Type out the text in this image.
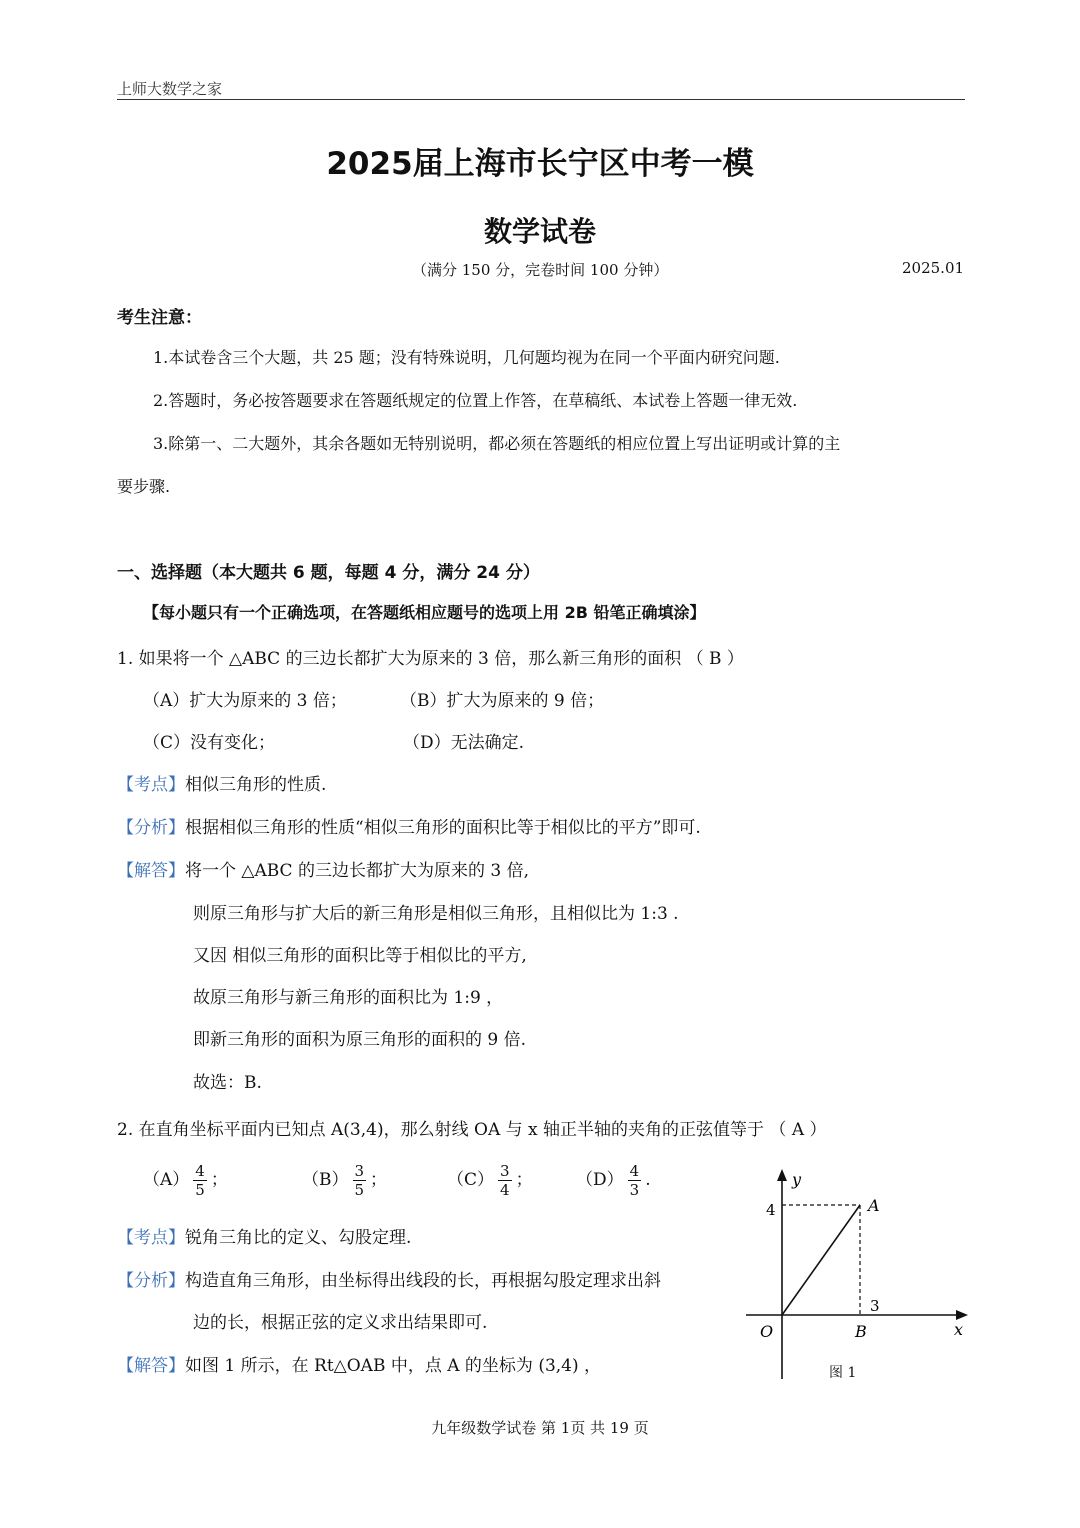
上师大数学之家
2025届上海市长宁区中考一模
数学试卷
（满分 150 分，完卷时间 100 分钟）	2025.01
考生注意：
1.本试卷含三个大题，共 25 题；没有特殊说明，几何题均视为在同一个平面内研究问题.
2.答题时，务必按答题要求在答题纸规定的位置上作答，在草稿纸、本试卷上答题一律无效.
3.除第一、二大题外，其余各题如无特别说明，都必须在答题纸的相应位置上写出证明或计算的主
要步骤.
一、选择题（本大题共 6 题，每题 4 分，满分 24 分）
【每小题只有一个正确选项，在答题纸相应题号的选项上用 2B 铅笔正确填涂】
1. 如果将一个 △ABC 的三边长都扩大为原来的 3 倍，那么新三角形的面积 （ B ）
（A）扩大为原来的 3 倍；	（B）扩大为原来的 9 倍；
（C）没有变化；	（D）无法确定.
【考点】相似三角形的性质.
【分析】根据相似三角形的性质“相似三角形的面积比等于相似比的平方”即可.
【解答】将一个 △ABC 的三边长都扩大为原来的 3 倍,
则原三角形与扩大后的新三角形是相似三角形，且相似比为 1:3 .
又因 相似三角形的面积比等于相似比的平方,
故原三角形与新三角形的面积比为 1:9 ，
即新三角形的面积为原三角形的面积的 9 倍.
故选：B.
2. 在直角坐标平面内已知点 A(3,4)，那么射线 OA 与 x 轴正半轴的夹角的正弦值等于 （ A ）
$(A) \frac{4}{5}$ ；	$(B) \frac{3}{5}$ ；	$(C) \frac{3}{4}$ ；	$(D) \frac{4}{3}$ .
【考点】锐角三角比的定义、勾股定理.
【分析】构造直角三角形，由坐标得出线段的长，再根据勾股定理求出斜
边的长，根据正弦的定义求出结果即可.
【解答】如图 1 所示，在 Rt△OAB 中，点 A 的坐标为 (3,4) ，
y
x
O
A
B
4
3
图 1
九年级数学试卷 第 1页 共 19 页
